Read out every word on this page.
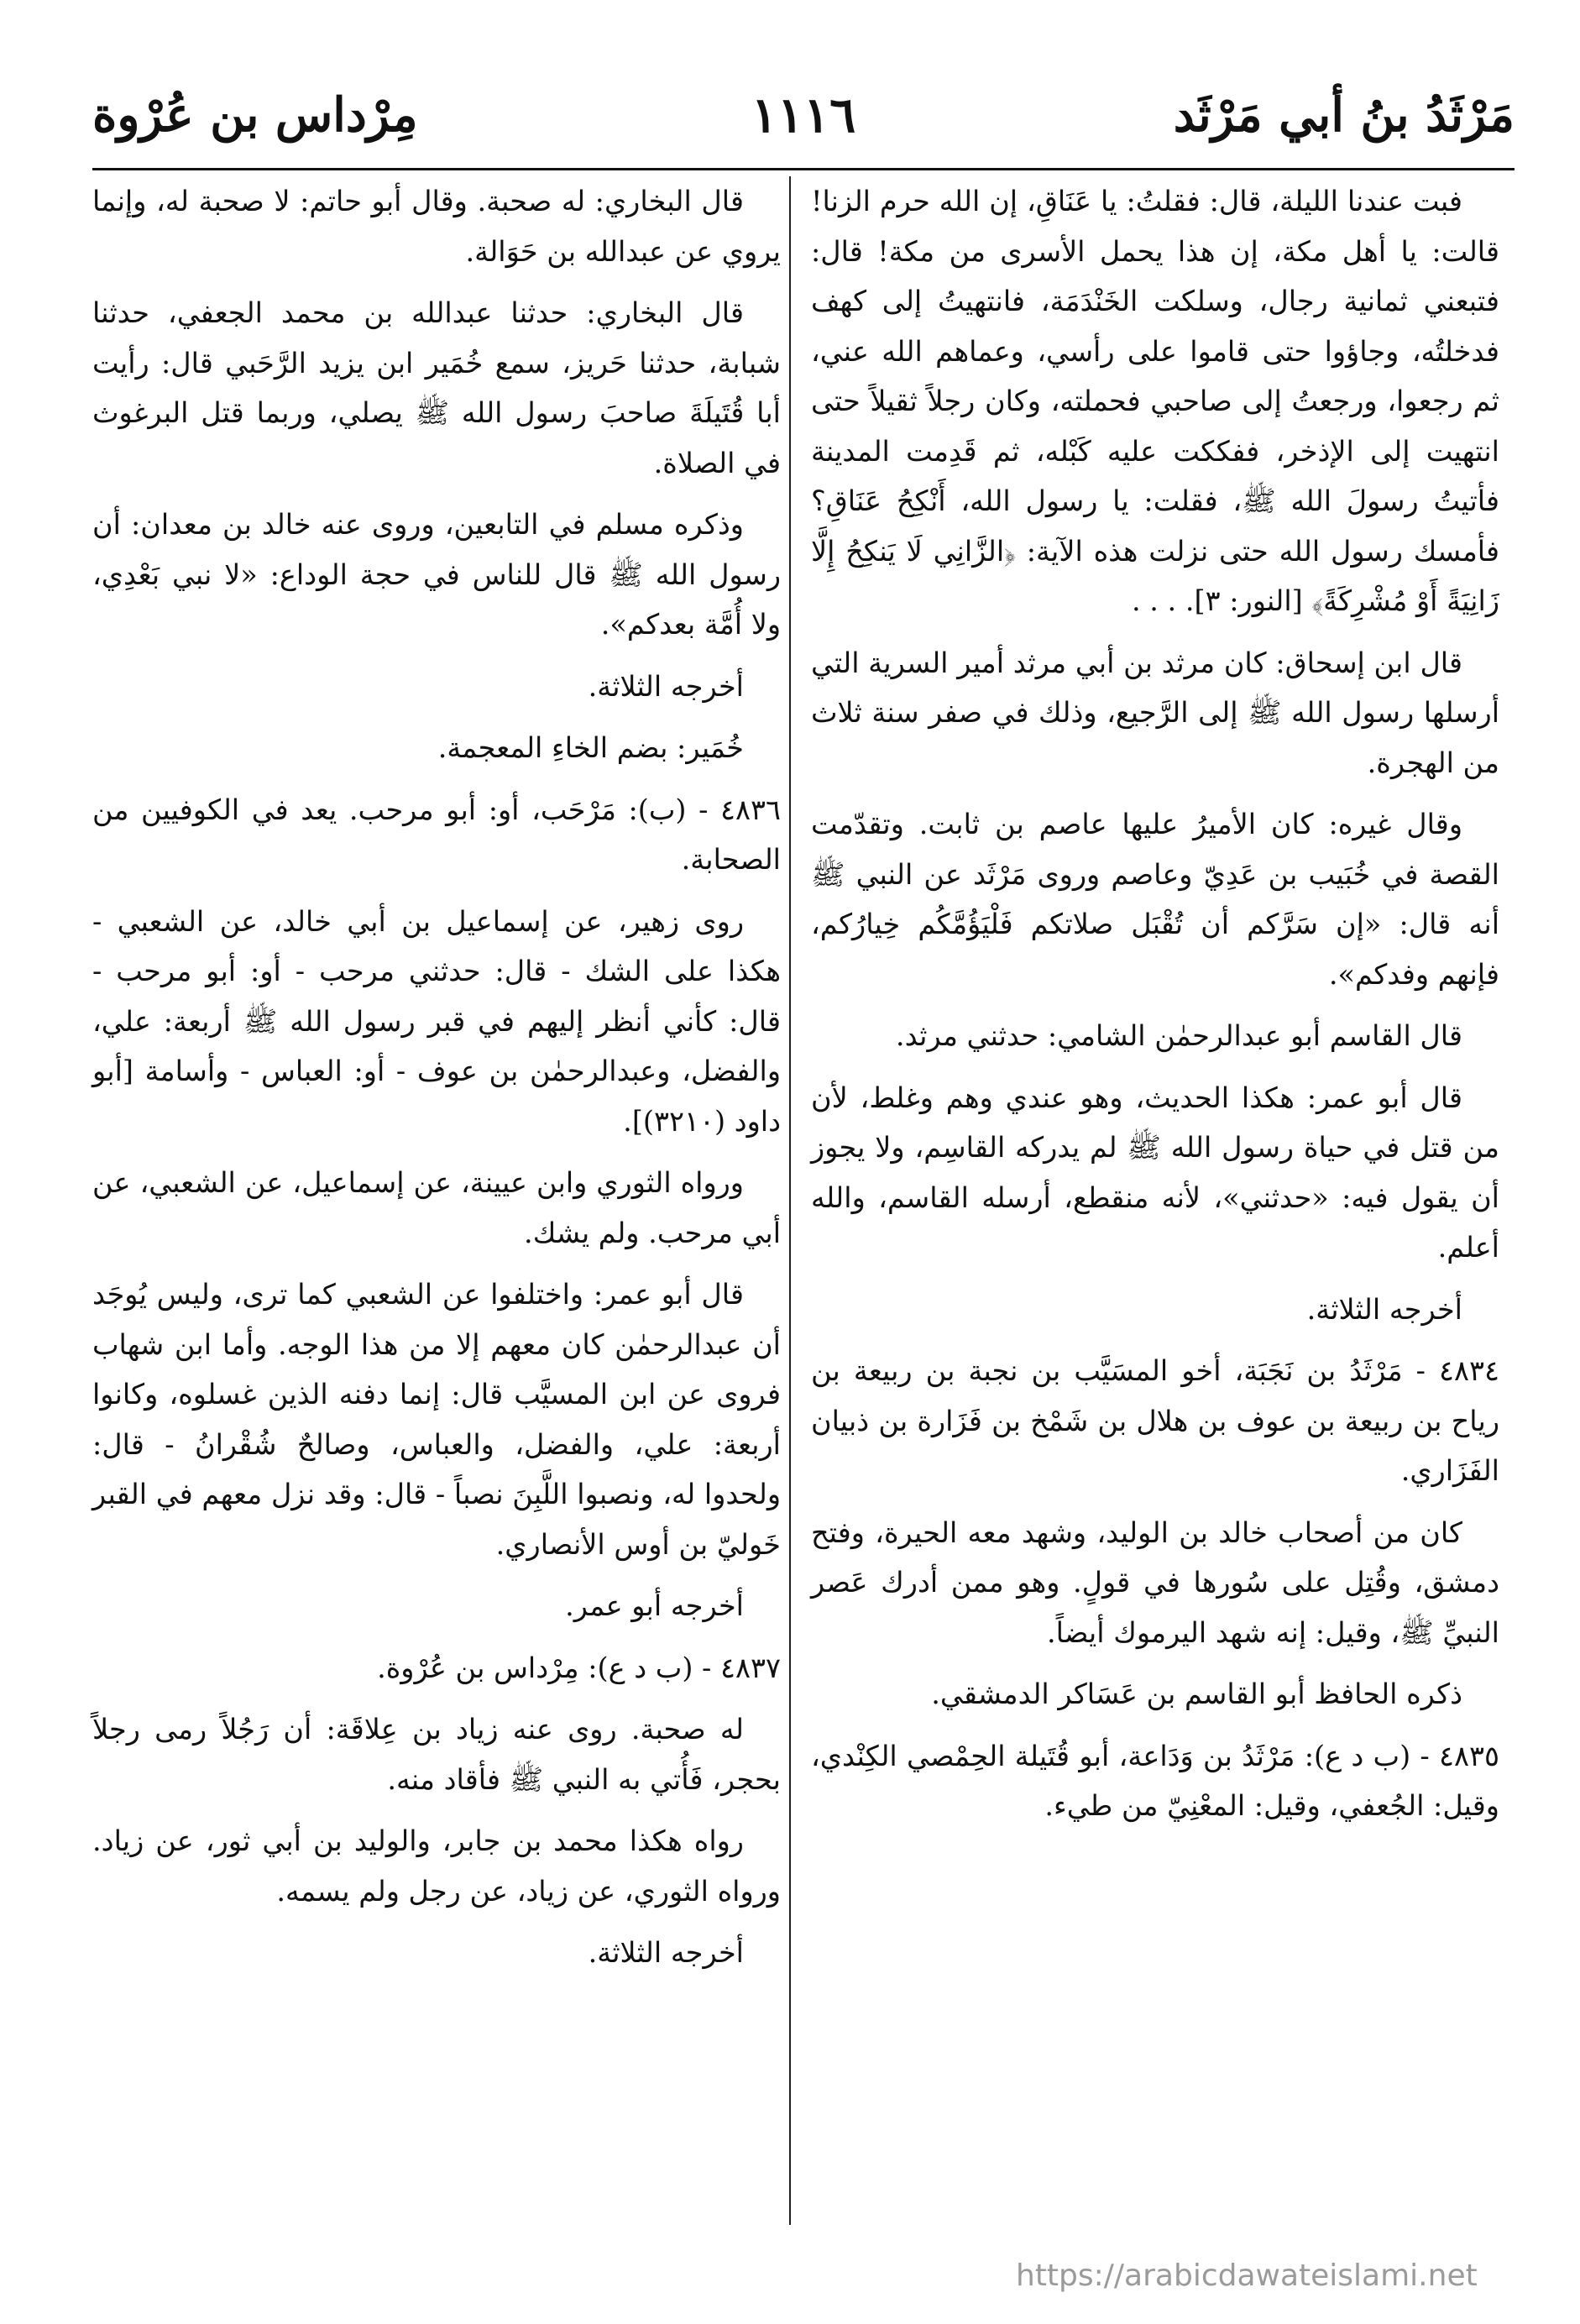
مَرْثَدُ بنُ أبي مَرْثَد
١١١٦
مِرْداس بن عُرْوة

فبت عندنا الليلة، قال: فقلتُ: يا عَنَاقِ، إن الله حرم الزنا! قالت: يا أهل مكة، إن هذا يحمل الأسرى من مكة! قال: فتبعني ثمانية رجال، وسلكت الخَنْدَمَة، فانتهيتُ إلى كهف فدخلتُه، وجاؤوا حتى قاموا على رأسي، وعماهم الله عني، ثم رجعوا، ورجعتُ إلى صاحبي فحملته، وكان رجلاً ثقيلاً حتى انتهيت إلى الإذخر، ففككت عليه كَبْله، ثم قَدِمت المدينة فأتيتُ رسولَ الله ﷺ، فقلت: يا رسول الله، أَنْكِحُ عَنَاقِ؟ فأمسك رسول الله حتى نزلت هذه الآية: ﴿الزَّانِي لَا يَنكِحُ إِلَّا زَانِيَةً أَوْ مُشْرِكَةً﴾ [النور: ٣]. . . .

قال ابن إسحاق: كان مرثد بن أبي مرثد أمير السرية التي أرسلها رسول الله ﷺ إلى الرَّجيع، وذلك في صفر سنة ثلاث من الهجرة.

وقال غيره: كان الأميرُ عليها عاصم بن ثابت. وتقدّمت القصة في خُبَيب بن عَدِيّ وعاصم وروى مَرْثَد عن النبي ﷺ أنه قال: «إن سَرَّكم أن تُقْبَل صلاتكم فَلْيَؤُمَّكُم خِيارُكم، فإنهم وفدكم».

قال القاسم أبو عبدالرحمٰن الشامي: حدثني مرثد.

قال أبو عمر: هكذا الحديث، وهو عندي وهم وغلط، لأن من قتل في حياة رسول الله ﷺ لم يدركه القاسِم، ولا يجوز أن يقول فيه: «حدثني»، لأنه منقطع، أرسله القاسم، والله أعلم.

أخرجه الثلاثة.

٤٨٣٤ - مَرْثَدُ بن نَجَبَة، أخو المسَيَّب بن نجبة بن ربيعة بن رياح بن ربيعة بن عوف بن هلال بن شَمْخ بن فَزَارة بن ذبيان الفَزَاري.

كان من أصحاب خالد بن الوليد، وشهد معه الحيرة، وفتح دمشق، وقُتِل على سُورها في قولٍ. وهو ممن أدرك عَصر النبيِّ ﷺ، وقيل: إنه شهد اليرموك أيضاً.

ذكره الحافظ أبو القاسم بن عَسَاكر الدمشقي.

٤٨٣٥ - (ب د ع): مَرْثَدُ بن وَدَاعة، أبو قُتَيلة الحِمْصي الكِنْدي، وقيل: الجُعفي، وقيل: المعْنِيّ من طيء.

قال البخاري: له صحبة. وقال أبو حاتم: لا صحبة له، وإنما يروي عن عبدالله بن حَوَالة.

قال البخاري: حدثنا عبدالله بن محمد الجعفي، حدثنا شبابة، حدثنا حَريز، سمع خُمَير ابن يزيد الرَّحَبي قال: رأيت أبا قُتَيلَةَ صاحبَ رسول الله ﷺ يصلي، وربما قتل البرغوث في الصلاة.

وذكره مسلم في التابعين، وروى عنه خالد بن معدان: أن رسول الله ﷺ قال للناس في حجة الوداع: «لا نبي بَعْدِي، ولا أُمَّة بعدكم».

أخرجه الثلاثة.

خُمَير: بضم الخاءِ المعجمة.

٤٨٣٦ - (ب): مَرْحَب، أو: أبو مرحب. يعد في الكوفيين من الصحابة.

روى زهير، عن إسماعيل بن أبي خالد، عن الشعبي - هكذا على الشك - قال: حدثني مرحب - أو: أبو مرحب - قال: كأني أنظر إليهم في قبر رسول الله ﷺ أربعة: علي، والفضل، وعبدالرحمٰن بن عوف - أو: العباس - وأسامة [أبو داود (٣٢١٠)].

ورواه الثوري وابن عيينة، عن إسماعيل، عن الشعبي، عن أبي مرحب. ولم يشك.

قال أبو عمر: واختلفوا عن الشعبي كما ترى، وليس يُوجَد أن عبدالرحمٰن كان معهم إلا من هذا الوجه. وأما ابن شهاب فروى عن ابن المسيَّب قال: إنما دفنه الذين غسلوه، وكانوا أربعة: علي، والفضل، والعباس، وصالحٌ شُقْرانُ - قال: ولحدوا له، ونصبوا اللَّبِنَ نصباً - قال: وقد نزل معهم في القبر خَوليّ بن أوس الأنصاري.

أخرجه أبو عمر.

٤٨٣٧ - (ب د ع): مِرْداس بن عُرْوة.

له صحبة. روى عنه زياد بن عِلاقَة: أن رَجُلاً رمى رجلاً بحجر، فَأُتي به النبي ﷺ فأقاد منه.

رواه هكذا محمد بن جابر، والوليد بن أبي ثور، عن زياد. ورواه الثوري، عن زياد، عن رجل ولم يسمه.

أخرجه الثلاثة.

https://arabicdawateislami.net
